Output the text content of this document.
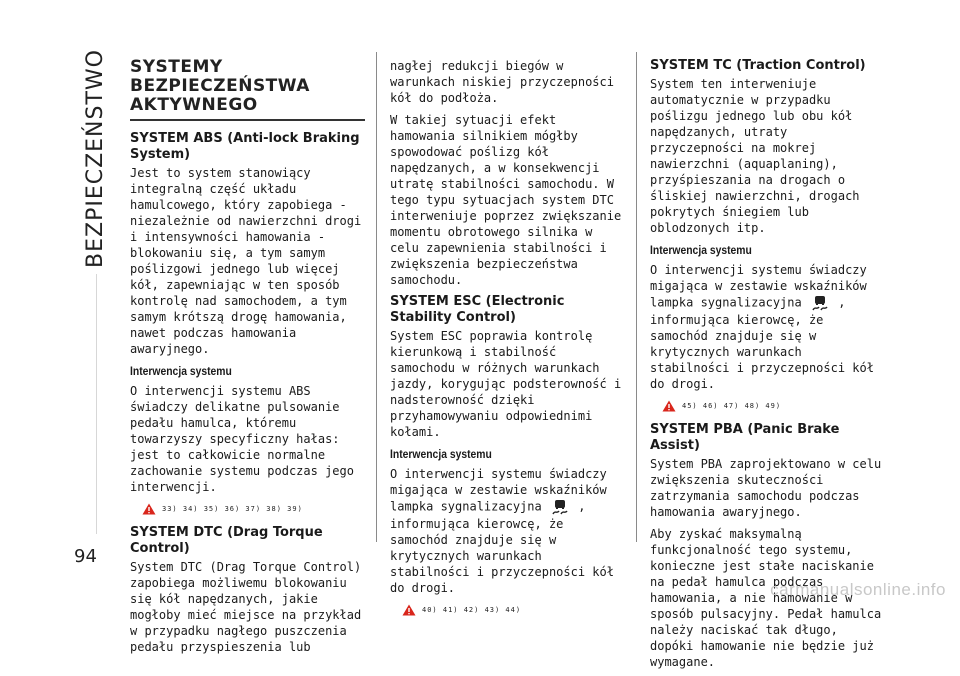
BEZPIECZEŃSTWO
94
SYSTEMY
BEZPIECZEŃSTWA
AKTYWNEGO
SYSTEM ABS (Anti-lock Braking System)

Jest to system stanowiący integralną część układu hamulcowego, który zapobiega - niezależnie od nawierzchni drogi i intensywności hamowania - blokowaniu się, a tym samym poślizgowi jednego lub więcej kół, zapewniając w ten sposób kontrolę nad samochodem, a tym samym krótszą drogę hamowania, nawet podczas hamowania awaryjnego.

Interwencja systemu

O interwencji systemu ABS świadczy delikatne pulsowanie pedału hamulca, któremu towarzyszy specyficzny hałas: jest to całkowicie normalne zachowanie systemu podczas jego interwencji.

33) 34) 35) 36) 37) 38) 39)
SYSTEM DTC (Drag Torque Control)

System DTC (Drag Torque Control) zapobiega możliwemu blokowaniu się kół napędzanych, jakie mogłoby mieć miejsce na przykład w przypadku nagłego puszczenia pedału przyspieszenia lub

nagłej redukcji biegów w warunkach niskiej przyczepności kół do podłoża.

W takiej sytuacji efekt hamowania silnikiem mógłby spowodować poślizg kół napędzanych, a w konsekwencji utratę stabilności samochodu. W tego typu sytuacjach system DTC interweniuje poprzez zwiększanie momentu obrotowego silnika w celu zapewnienia stabilności i zwiększenia bezpieczeństwa samochodu.

SYSTEM ESC (Electronic Stability Control)

System ESC poprawia kontrolę kierunkową i stabilność samochodu w różnych warunkach jazdy, korygując podsterowność i nadsterowność dzięki przyhamowywaniu odpowiednimi kołami.

Interwencja systemu

O interwencji systemu świadczy migająca w zestawie wskaźników lampka sygnalizacyjna	, informująca kierowcę, że samochód znajduje się w krytycznych warunkach stabilności i przyczepności kół do drogi.

40) 41) 42) 43) 44)
SYSTEM TC (Traction Control)

System ten interweniuje automatycznie w przypadku poślizgu jednego lub obu kół napędzanych, utraty przyczepności na mokrej nawierzchni (aquaplaning), przyśpieszania na drogach o śliskiej nawierzchni, drogach pokrytych śniegiem lub oblodzonych itp.

Interwencja systemu

O interwencji systemu świadczy migająca w zestawie wskaźników lampka sygnalizacyjna	, informująca kierowcę, że samochód znajduje się w krytycznych warunkach stabilności i przyczepności kół do drogi.

45) 46) 47) 48) 49)
SYSTEM PBA (Panic Brake Assist)

System PBA zaprojektowano w celu zwiększenia skuteczności zatrzymania samochodu podczas hamowania awaryjnego.

Aby zyskać maksymalną funkcjonalność tego systemu, konieczne jest stałe naciskanie na pedał hamulca podczas hamowania, a nie hamowanie w sposób pulsacyjny. Pedał hamulca należy naciskać tak długo, dopóki hamowanie nie będzie już wymagane.

carmanualsonline.info
